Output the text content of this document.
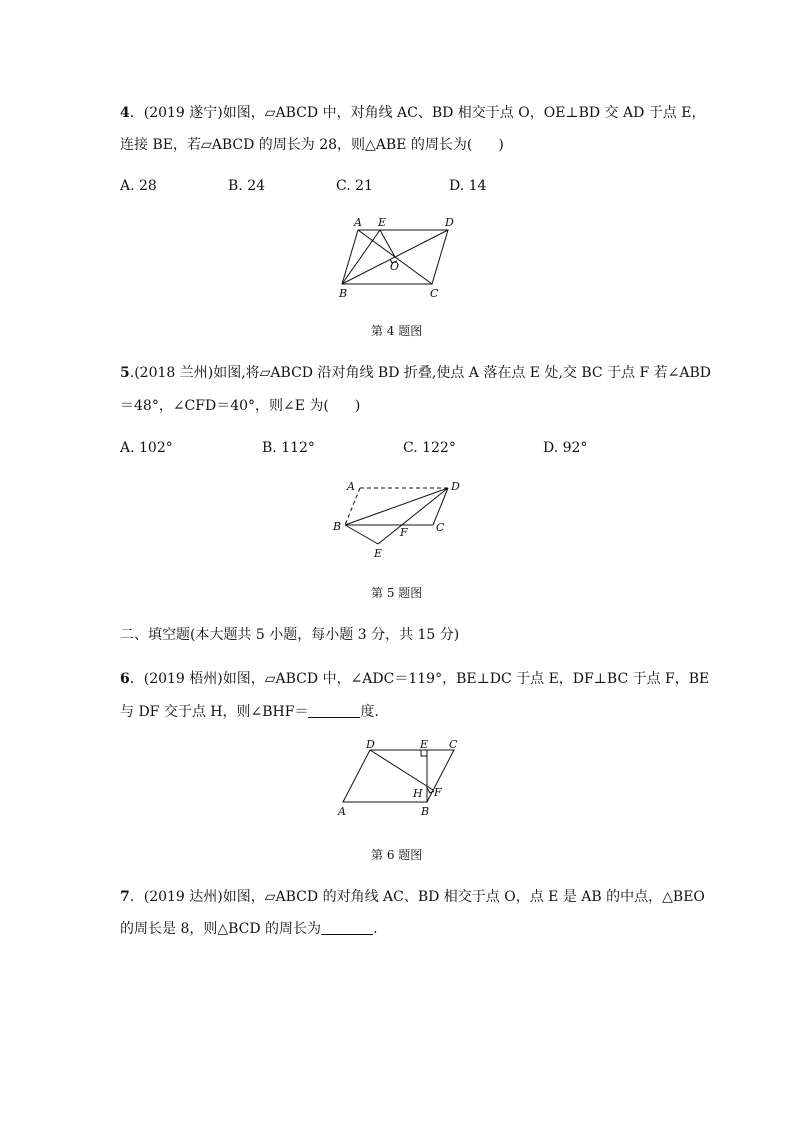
4．(2019 遂宁)如图，▱ABCD 中，对角线 AC、BD 相交于点 O，OE⊥BD 交 AD 于点 E，
连接 BE，若▱ABCD 的周长为 28，则△ABE 的周长为( )
A. 28	B. 24	C. 21	D. 14
A E	D
O
B	C
第 4 题图
5.(2018 兰州)如图,将▱ABCD 沿对角线 BD 折叠,使点 A 落在点 E 处,交 BC 于点 F 若∠ABD
＝48°，∠CFD＝40°，则∠E 为( )
A. 102°	B. 112°	C. 122°	D. 92°
A	D
B	C
F
E
第 5 题图
二、填空题(本大题共 5 小题，每小题 3 分，共 15 分)
6．(2019 梧州)如图，▱ABCD 中，∠ADC＝119°，BE⊥DC 于点 E，DF⊥BC 于点 F，BE
与 DF 交于点 H，则∠BHF＝	度.
D	E C
H F
A	B
第 6 题图
7．(2019 达州)如图，▱ABCD 的对角线 AC、BD 相交于点 O，点 E 是 AB 的中点，△BEO
的周长是 8，则△BCD 的周长为	.
